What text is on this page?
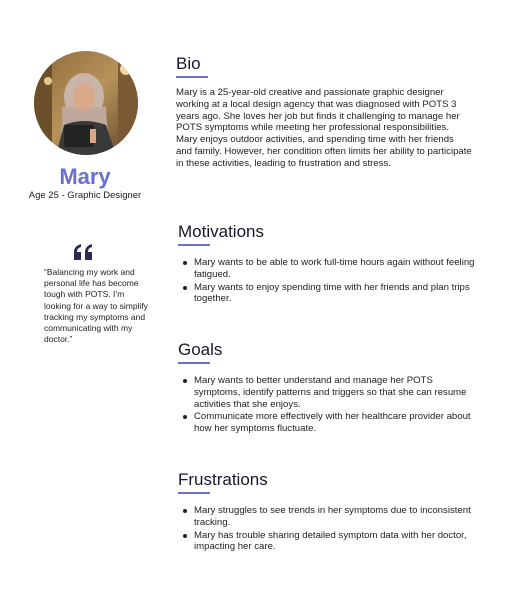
Mary
Age 25 - Graphic Designer
“Balancing my work and personal life has become tough with POTS. I’m looking for a way to simplify tracking my symptoms and communicating with my doctor.”
Bio
Mary is a 25-year-old creative and passionate graphic designer working at a local design agency that was diagnosed with POTS 3 years ago. She loves her job but finds it challenging to manage her POTS symptoms while meeting her professional responsibilities. Mary enjoys outdoor activities, and spending time with her friends and family. However, her condition often limits her ability to participate in these activities, leading to frustration and stress.
Motivations
Mary wants to be able to work full-time hours again without feeling fatigued.
Mary wants to enjoy spending time with her friends and plan trips together.
Goals
Mary wants to better understand and manage her POTS symptoms, identify patterns and triggers so that she can resume activities that she enjoys.
Communicate more effectively with her healthcare provider about how her symptoms fluctuate.
Frustrations
Mary struggles to see trends in her symptoms due to inconsistent tracking.
Mary has trouble sharing detailed symptom data with her doctor, impacting her care.
